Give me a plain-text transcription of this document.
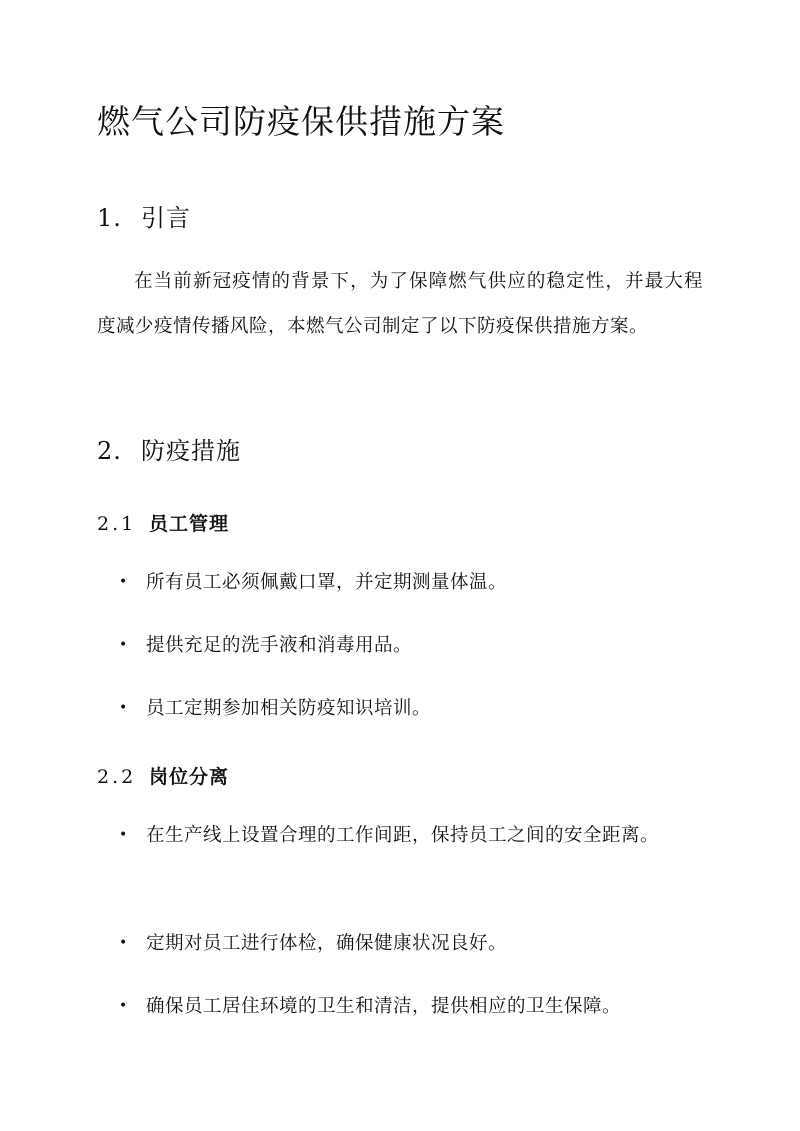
燃气公司防疫保供措施方案
1. 引言

在当前新冠疫情的背景下，为了保障燃气供应的稳定性，并最大程度减少疫情传播风险，本燃气公司制定了以下防疫保供措施方案。

2. 防疫措施
2.1 员工管理

• 所有员工必须佩戴口罩，并定期测量体温。

• 提供充足的洗手液和消毒用品。

• 员工定期参加相关防疫知识培训。

2.2 岗位分离

• 在生产线上设置合理的工作间距，保持员工之间的安全距离。

• 定期对员工进行体检，确保健康状况良好。

• 确保员工居住环境的卫生和清洁，提供相应的卫生保障。
